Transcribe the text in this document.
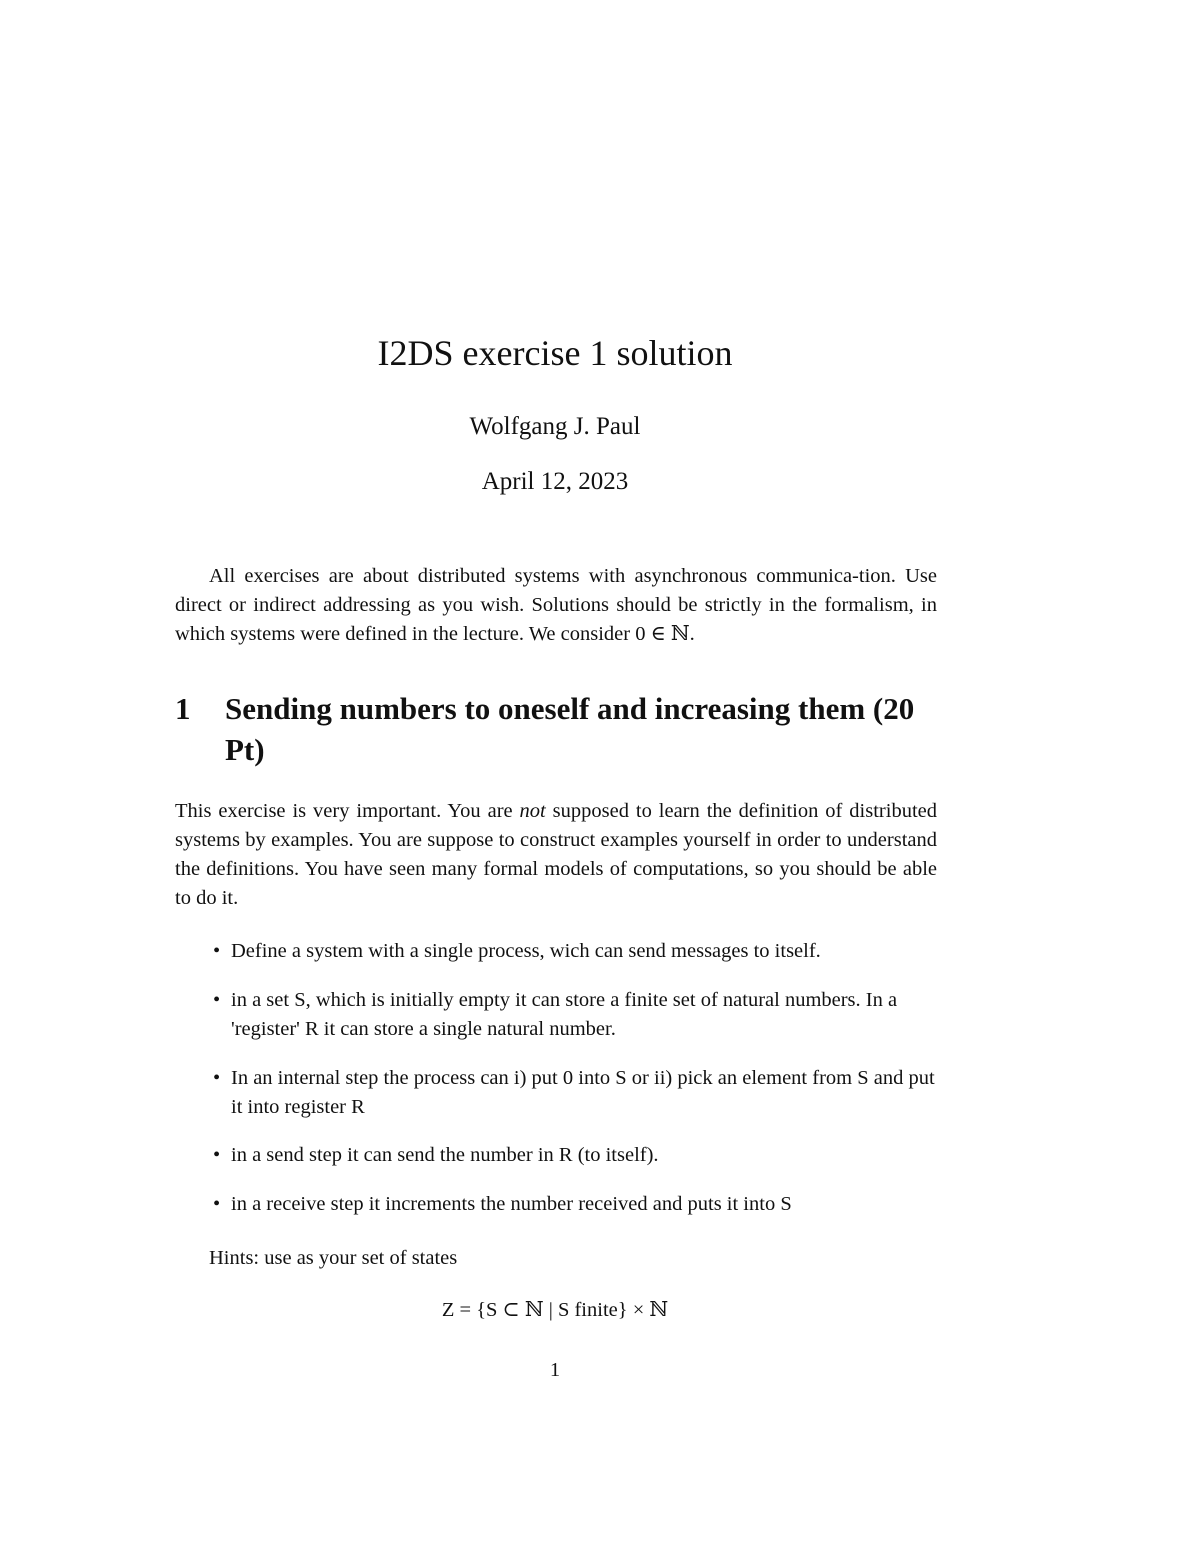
I2DS exercise 1 solution
Wolfgang J. Paul
April 12, 2023

All exercises are about distributed systems with asynchronous communica-tion. Use direct or indirect addressing as you wish. Solutions should be strictly in the formalism, in which systems were defined in the lecture. We consider 0 ∈ ℕ.

1 Sending numbers to oneself and increasing them (20 Pt)

This exercise is very important. You are not supposed to learn the definition of distributed systems by examples. You are suppose to construct examples yourself in order to understand the definitions. You have seen many formal models of computations, so you should be able to do it.

• Define a system with a single process, wich can send messages to itself.
• in a set S, which is initially empty it can store a finite set of natural numbers. In a 'register' R it can store a single natural number.
• In an internal step the process can i) put 0 into S or ii) pick an element from S and put it into register R
• in a send step it can send the number in R (to itself).
• in a receive step it increments the number received and puts it into S
Hints: use as your set of states
Z = {S ⊂ ℕ | S finite} × ℕ
1
